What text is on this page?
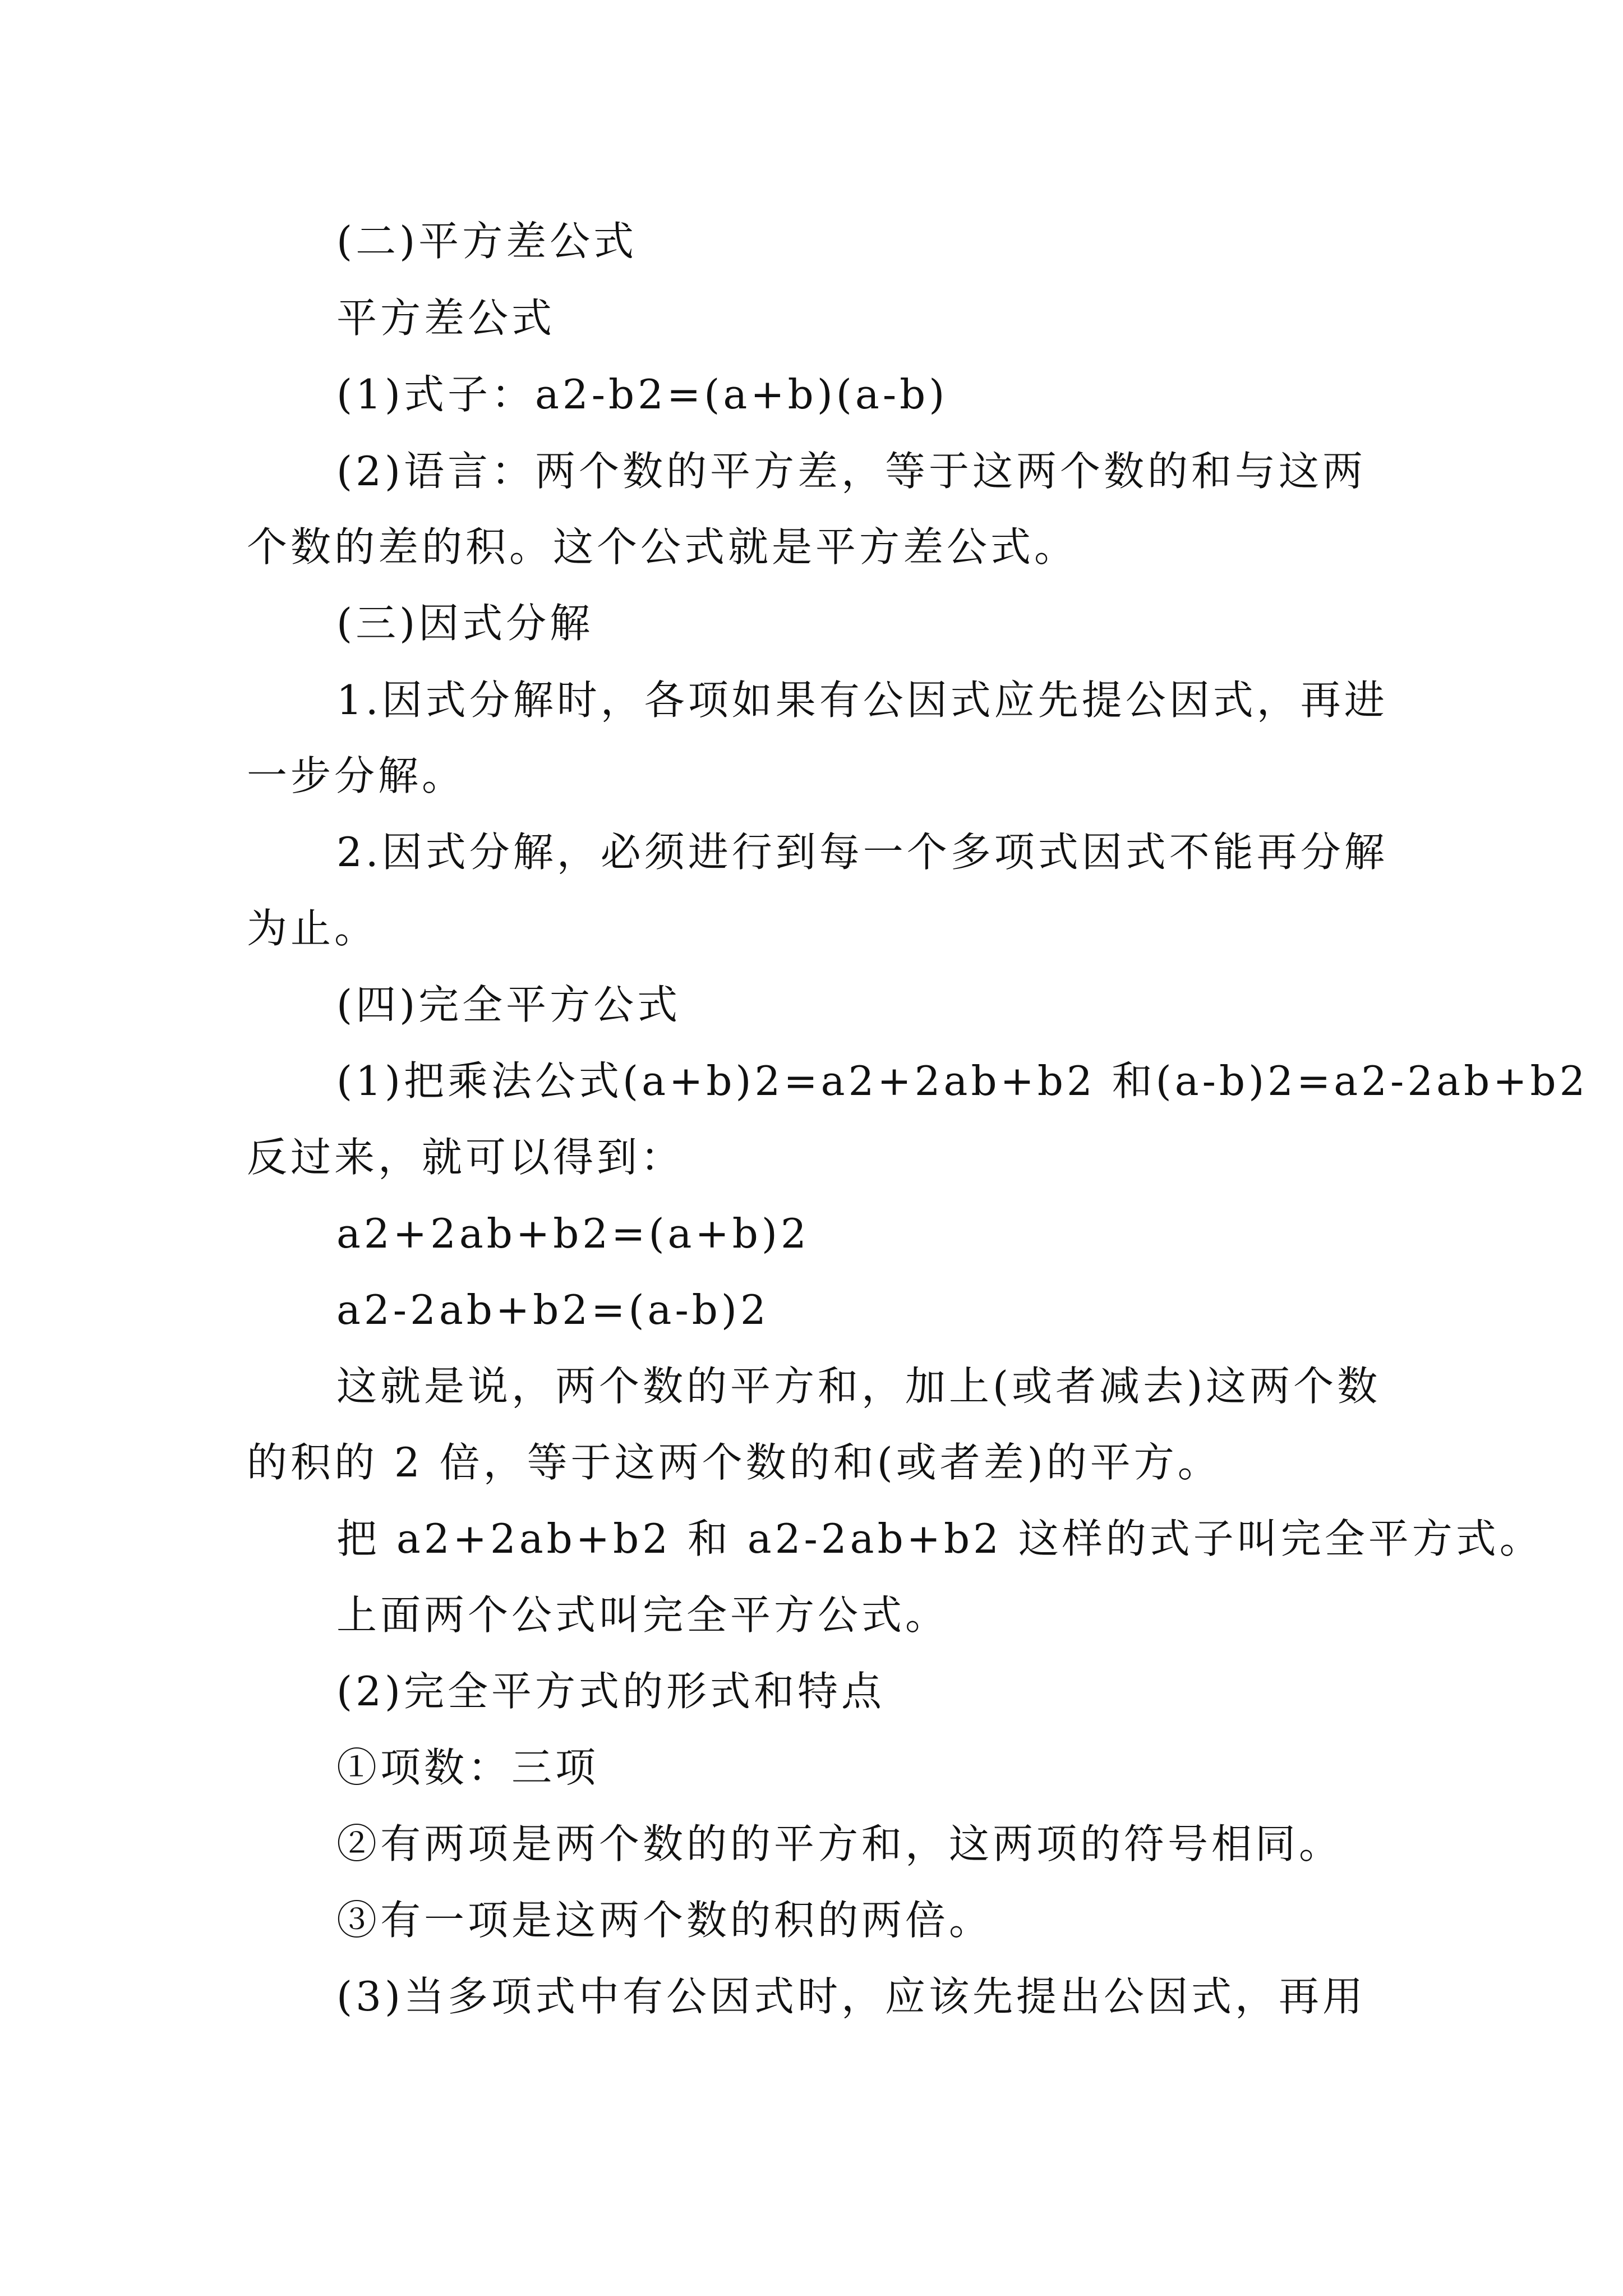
(二)平方差公式
平方差公式
(1)式子：a2-b2=(a+b)(a-b)
(2)语言：两个数的平方差，等于这两个数的和与这两
个数的差的积。这个公式就是平方差公式。
(三)因式分解
1.因式分解时，各项如果有公因式应先提公因式，再进
一步分解。
2.因式分解，必须进行到每一个多项式因式不能再分解
为止。
(四)完全平方公式
(1)把乘法公式(a+b)2=a2+2ab+b2 和(a-b)2=a2-2ab+b2
反过来，就可以得到：
a2+2ab+b2=(a+b)2
a2-2ab+b2=(a-b)2
这就是说，两个数的平方和，加上(或者减去)这两个数
的积的 2 倍，等于这两个数的和(或者差)的平方。
把 a2+2ab+b2 和 a2-2ab+b2 这样的式子叫完全平方式。
上面两个公式叫完全平方公式。
(2)完全平方式的形式和特点
①项数：三项
②有两项是两个数的的平方和，这两项的符号相同。
③有一项是这两个数的积的两倍。
(3)当多项式中有公因式时，应该先提出公因式，再用
